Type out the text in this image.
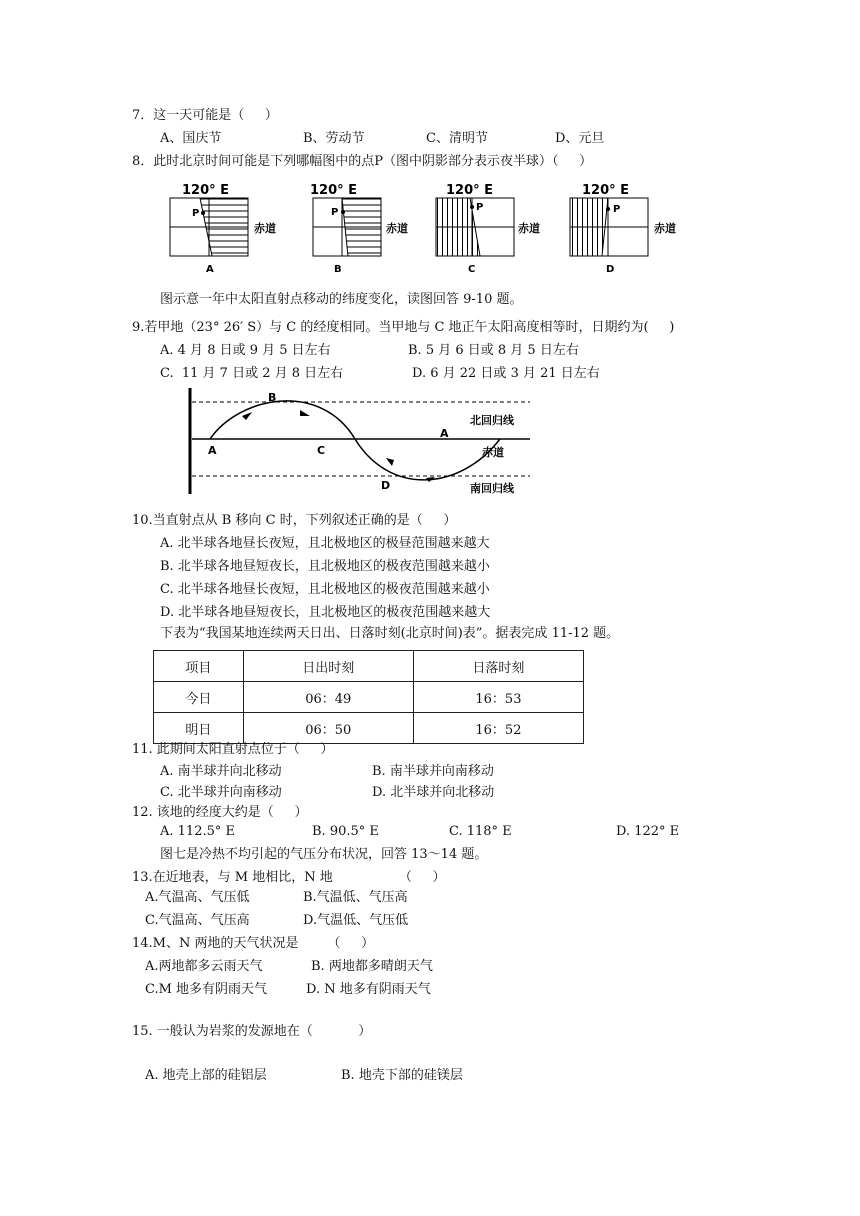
7．这一天可能是（     ）
A、国庆节	B、劳动节	C、清明节	D、元旦
8．此时北京时间可能是下列哪幅图中的点P（图中阴影部分表示夜半球）（     ）
120° E
P
赤道
A
120° E
P
赤道
B
120° E
P
赤道
C
120° E
P
赤道
D
图示意一年中太阳直射点移动的纬度变化，读图回答 9-10 题。
9.若甲地（23° 26′ S）与 C 的经度相同。当甲地与 C 地正午太阳高度相等时，日期约为(     )
A. 4 月 8 日或 9 月 5 日左右	B. 5 月 6 日或 8 月 5 日左右
C.  11 月 7 日或 2 月 8 日左右	D. 6 月 22 日或 3 月 21 日左右
A
B
C
D
A
北回归线
赤道
南回归线
10.当直射点从 B 移向 C 时，下列叙述正确的是（     ）
A. 北半球各地昼长夜短，且北极地区的极昼范围越来越大
B. 北半球各地昼短夜长，且北极地区的极夜范围越来越小
C. 北半球各地昼长夜短，且北极地区的极夜范围越来越小
D. 北半球各地昼短夜长，且北极地区的极夜范围越来越大
下表为“我国某地连续两天日出、日落时刻(北京时间)表”。据表完成 11-12 题。
项目	日出时刻	日落时刻
今日	06：49	16：53
明日	06：50	16：52
11. 此期间太阳直射点位于（     ）
A. 南半球并向北移动	B. 南半球并向南移动
C. 北半球并向南移动	D. 北半球并向北移动
12. 该地的经度大约是（     ）
A. 112.5° E	B. 90.5° E	C. 118° E	D. 122° E
图七是冷热不均引起的气压分布状况，回答 13～14 题。
13.在近地表，与 M 地相比，N 地                （     ）
A.气温高、气压低	B.气温低、气压高
C.气温高、气压高	D.气温低、气压低
14.M、N 两地的天气状况是       （     ）
A.两地都多云雨天气	B. 两地都多晴朗天气
C.M 地多有阴雨天气	D. N 地多有阴雨天气
15. 一般认为岩浆的发源地在（           ）
A. 地壳上部的硅铝层	B. 地壳下部的硅镁层
